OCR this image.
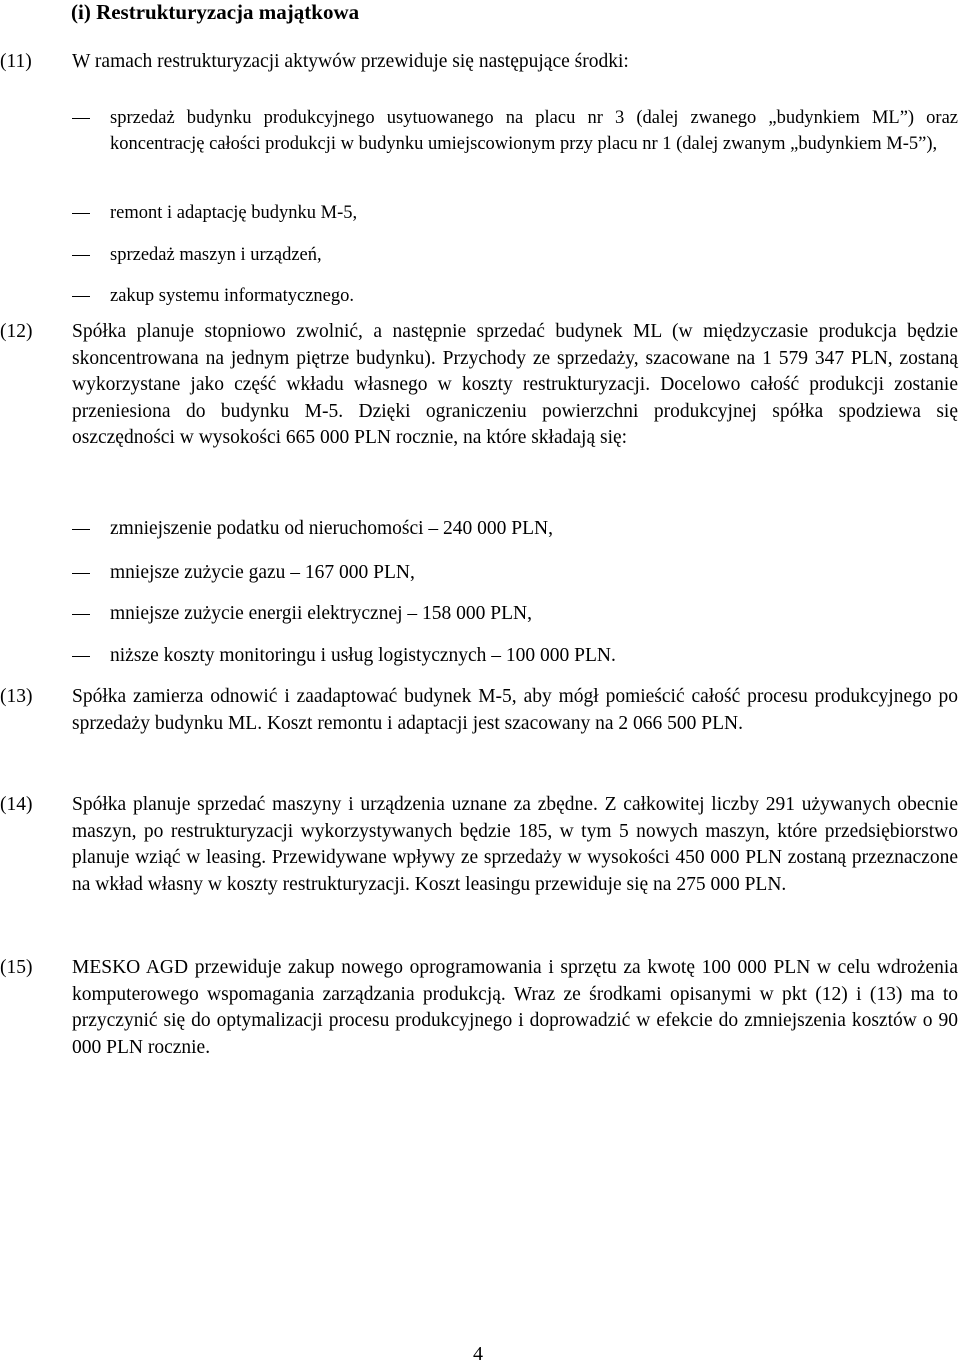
(i) Restrukturyzacja majątkowa
(11) W ramach restrukturyzacji aktywów przewiduje się następujące środki:
sprzedaż budynku produkcyjnego usytuowanego na placu nr 3 (dalej zwanego „budynkiem ML”) oraz koncentrację całości produkcji w budynku umiejscowionym przy placu nr 1 (dalej zwanym „budynkiem M-5”),
remont i adaptację budynku M-5,
sprzedaż maszyn i urządzeń,
zakup systemu informatycznego.
(12) Spółka planuje stopniowo zwolnić, a następnie sprzedać budynek ML (w międzyczasie produkcja będzie skoncentrowana na jednym piętrze budynku). Przychody ze sprzedaży, szacowane na 1 579 347 PLN, zostaną wykorzystane jako część wkładu własnego w koszty restrukturyzacji. Docelowo całość produkcji zostanie przeniesiona do budynku M-5. Dzięki ograniczeniu powierzchni produkcyjnej spółka spodziewa się oszczędności w wysokości 665 000 PLN rocznie, na które składają się:
zmniejszenie podatku od nieruchomości – 240 000 PLN,
mniejsze zużycie gazu – 167 000 PLN,
mniejsze zużycie energii elektrycznej – 158 000 PLN,
niższe koszty monitoringu i usług logistycznych – 100 000 PLN.
(13) Spółka zamierza odnowić i zaadaptować budynek M-5, aby mógł pomieścić całość procesu produkcyjnego po sprzedaży budynku ML. Koszt remontu i adaptacji jest szacowany na 2 066 500 PLN.
(14) Spółka planuje sprzedać maszyny i urządzenia uznane za zbędne. Z całkowitej liczby 291 używanych obecnie maszyn, po restrukturyzacji wykorzystywanych będzie 185, w tym 5 nowych maszyn, które przedsiębiorstwo planuje wziąć w leasing. Przewidywane wpływy ze sprzedaży w wysokości 450 000 PLN zostaną przeznaczone na wkład własny w koszty restrukturyzacji. Koszt leasingu przewiduje się na 275 000 PLN.
(15) MESKO AGD przewiduje zakup nowego oprogramowania i sprzętu za kwotę 100 000 PLN w celu wdrożenia komputerowego wspomagania zarządzania produkcją. Wraz ze środkami opisanymi w pkt (12) i (13) ma to przyczynić się do optymalizacji procesu produkcyjnego i doprowadzić w efekcie do zmniejszenia kosztów o 90 000 PLN rocznie.
4
